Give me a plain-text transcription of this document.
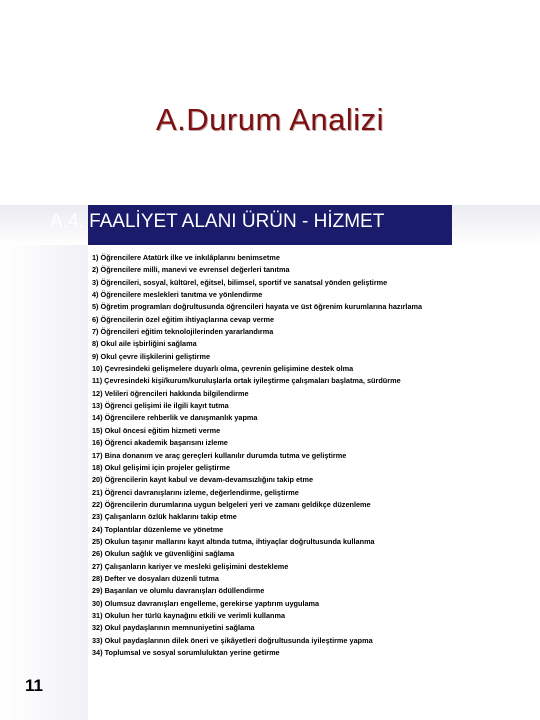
A.Durum Analizi
A.4. FAALİYET ALANI ÜRÜN - HİZMET
11

1) Öğrencilere Atatürk ilke ve inkılâplarını benimsetme

2) Öğrencilere milli, manevi ve evrensel değerleri tanıtma

3) Öğrencileri, sosyal, kültürel, eğitsel, bilimsel, sportif ve sanatsal yönden geliştirme

4) Öğrencilere meslekleri tanıtma ve yönlendirme

5) Öğretim programları doğrultusunda öğrencileri hayata ve üst öğrenim kurumlarına hazırlama

6) Öğrencilerin özel eğitim ihtiyaçlarına cevap verme

7) Öğrencileri eğitim teknolojilerinden yararlandırma

8) Okul aile işbirliğini sağlama

9) Okul çevre ilişkilerini geliştirme

10) Çevresindeki gelişmelere duyarlı olma, çevrenin gelişimine destek olma

11) Çevresindeki kişi/kurum/kuruluşlarla ortak iyileştirme çalışmaları başlatma, sürdürme

12) Velileri öğrencileri hakkında bilgilendirme

13) Öğrenci gelişimi ile ilgili kayıt tutma

14) Öğrencilere rehberlik ve danışmanlık yapma

15) Okul öncesi eğitim hizmeti verme

16) Öğrenci akademik başarısını izleme

17) Bina donanım ve araç gereçleri kullanılır durumda tutma ve geliştirme

18) Okul gelişimi için projeler geliştirme

20) Öğrencilerin kayıt kabul ve devam-devamsızlığını takip etme

21) Öğrenci davranışlarını izleme, değerlendirme, geliştirme

22) Öğrencilerin durumlarına uygun belgeleri yeri ve zamanı geldikçe düzenleme

23) Çalışanların özlük haklarını takip etme

24) Toplantılar düzenleme ve yönetme

25) Okulun taşınır mallarını kayıt altında tutma, ihtiyaçlar doğrultusunda kullanma

26) Okulun sağlık ve güvenliğini sağlama

27) Çalışanların kariyer ve mesleki gelişimini destekleme

28) Defter ve dosyaları düzenli tutma

29) Başarılan ve olumlu davranışları ödüllendirme

30) Olumsuz davranışları engelleme, gerekirse yaptırım uygulama

31) Okulun her türlü kaynağını etkili ve verimli kullanma

32) Okul paydaşlarının memnuniyetini sağlama

33) Okul paydaşlarının dilek öneri ve şikâyetleri doğrultusunda iyileştirme yapma

34) Toplumsal ve sosyal sorumluluktan yerine getirme
